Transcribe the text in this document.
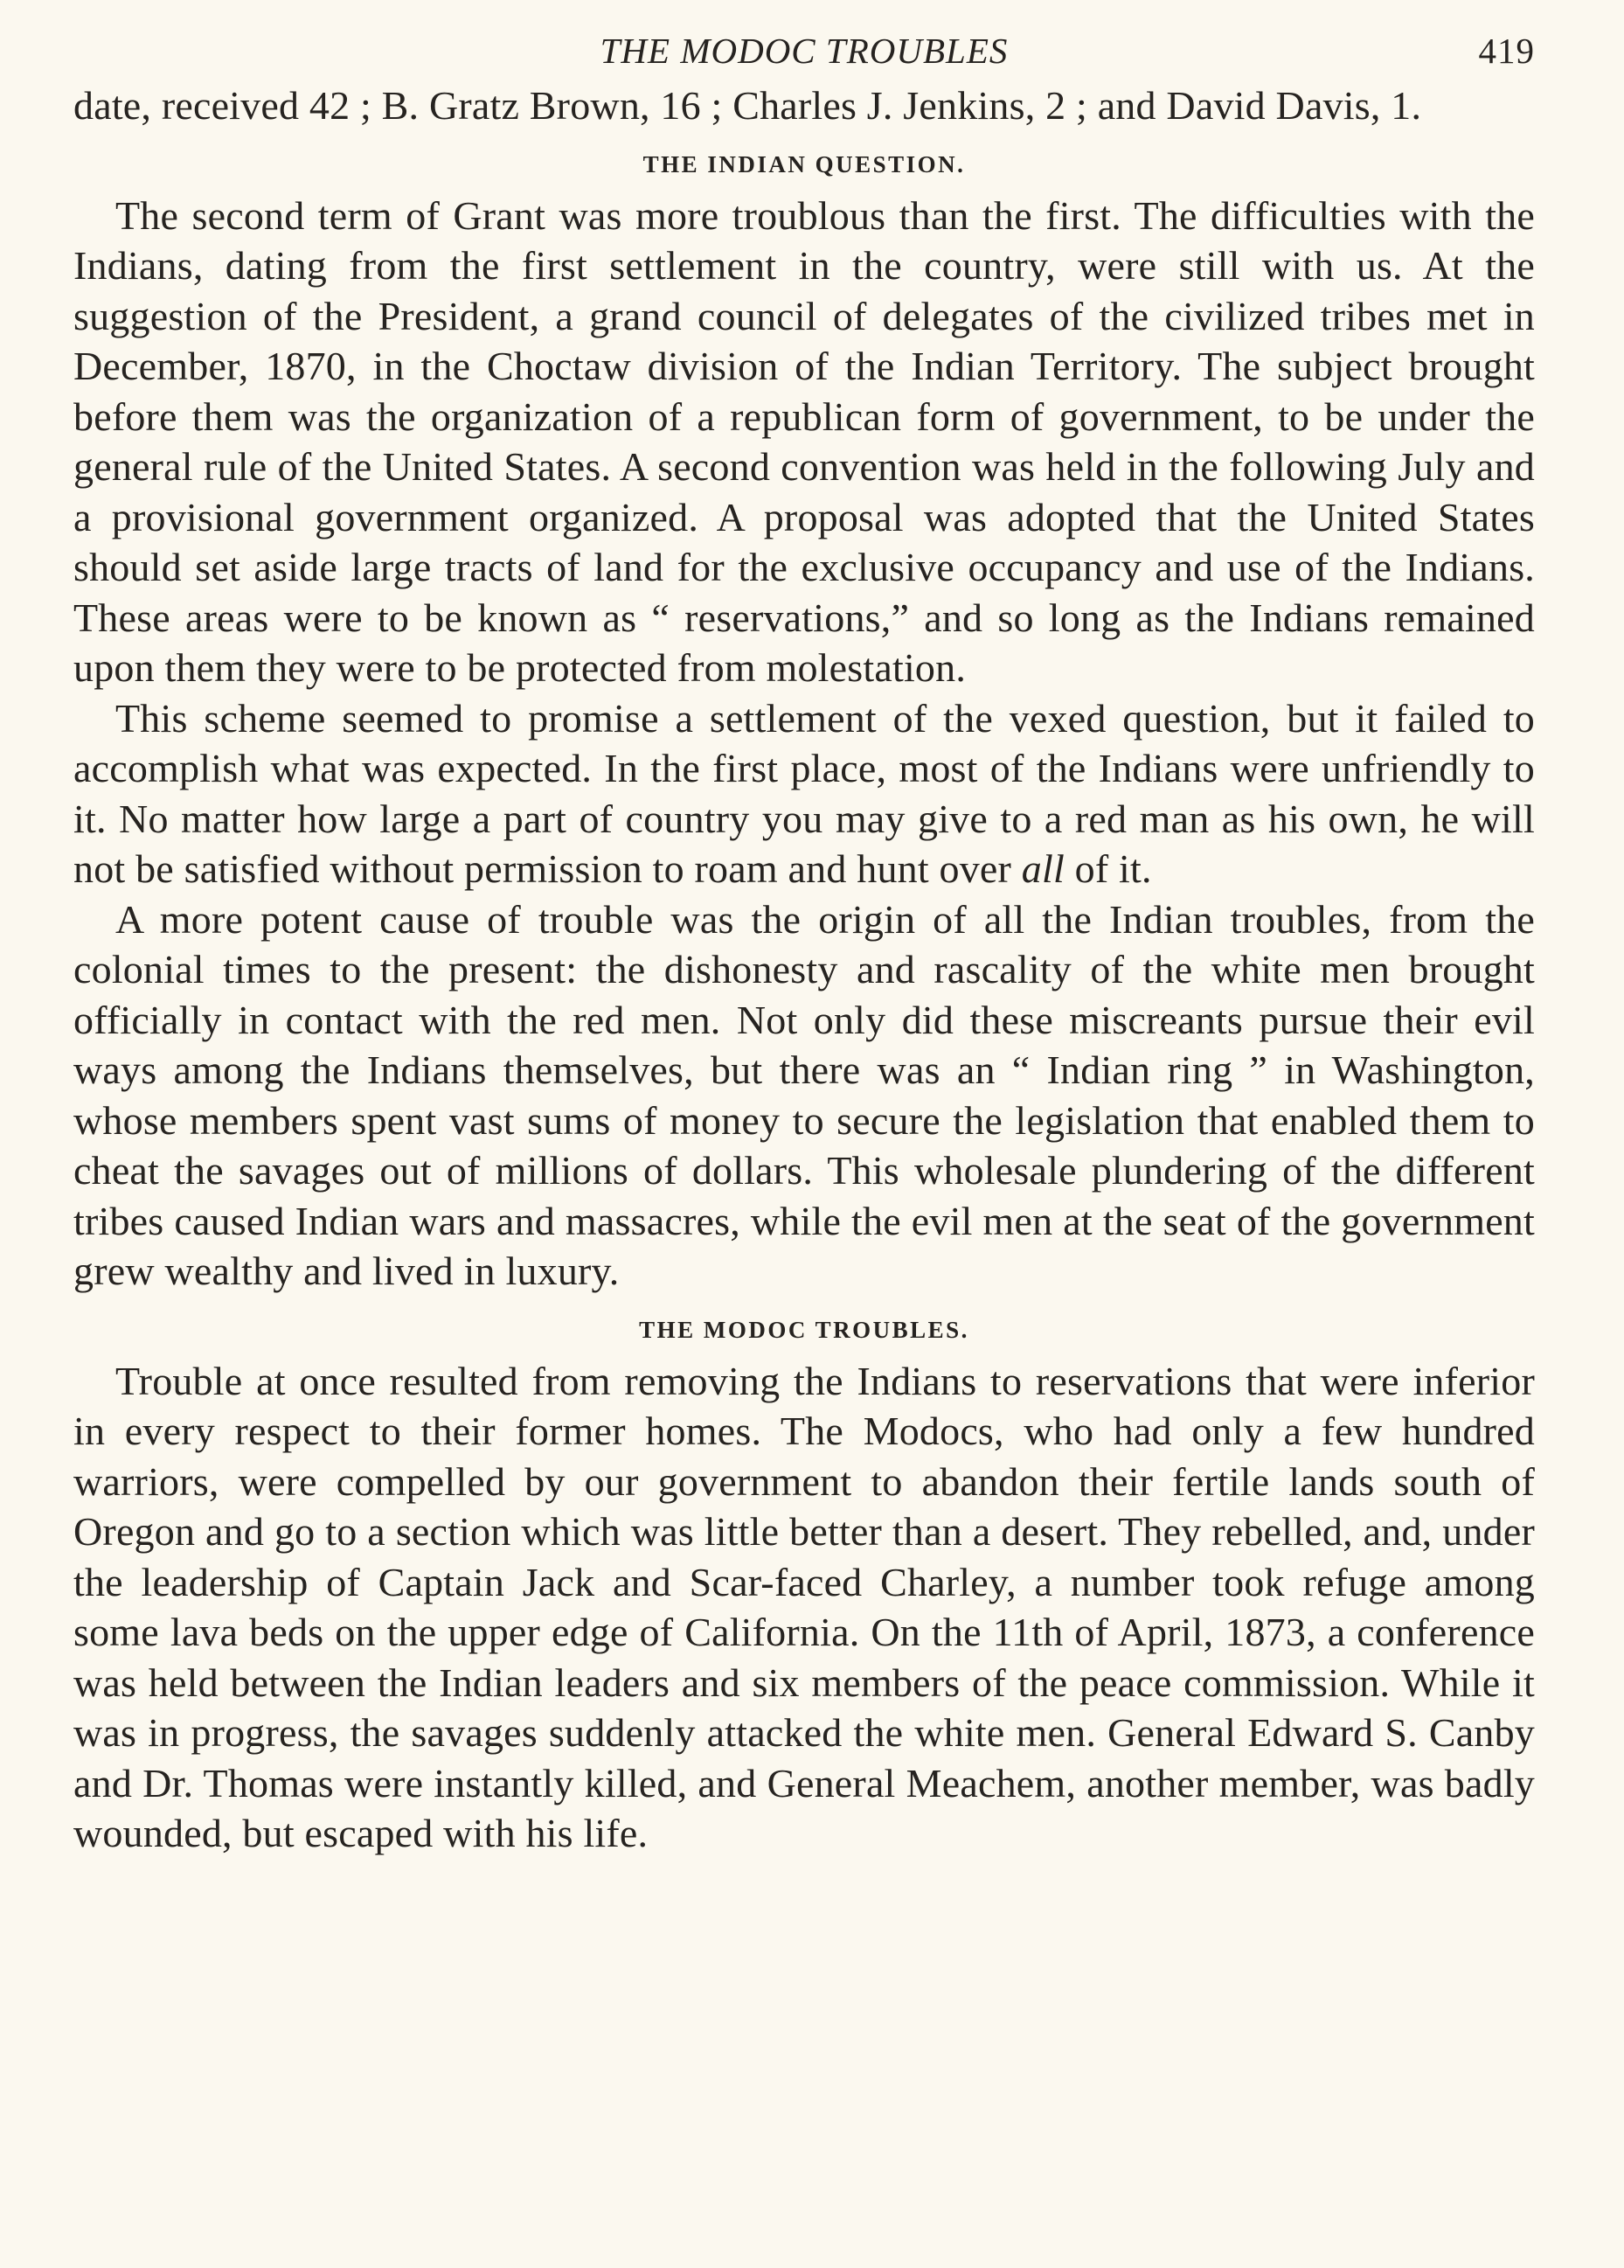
THE MODOC TROUBLES	419

date, received 42 ; B. Gratz Brown, 16 ; Charles J. Jenkins, 2 ; and David Davis, 1.

THE INDIAN QUESTION.

The second term of Grant was more troublous than the first. The difficulties with the Indians, dating from the first settlement in the country, were still with us. At the suggestion of the President, a grand council of delegates of the civilized tribes met in December, 1870, in the Choctaw division of the Indian Territory. The subject brought before them was the organization of a republican form of government, to be under the general rule of the United States. A second convention was held in the following July and a provisional government organized. A proposal was adopted that the United States should set aside large tracts of land for the exclusive occupancy and use of the Indians. These areas were to be known as “ reservations,” and so long as the Indians remained upon them they were to be protected from molestation.

This scheme seemed to promise a settlement of the vexed question, but it failed to accomplish what was expected. In the first place, most of the Indians were unfriendly to it. No matter how large a part of country you may give to a red man as his own, he will not be satisfied without permission to roam and hunt over all of it.

A more potent cause of trouble was the origin of all the Indian troubles, from the colonial times to the present: the dishonesty and rascality of the white men brought officially in contact with the red men. Not only did these miscreants pursue their evil ways among the Indians themselves, but there was an “ Indian ring ” in Washington, whose members spent vast sums of money to secure the legislation that enabled them to cheat the savages out of millions of dollars. This wholesale plundering of the different tribes caused Indian wars and massacres, while the evil men at the seat of the government grew wealthy and lived in luxury.

THE MODOC TROUBLES.

Trouble at once resulted from removing the Indians to reservations that were inferior in every respect to their former homes. The Modocs, who had only a few hundred warriors, were compelled by our government to abandon their fertile lands south of Oregon and go to a section which was little better than a desert. They rebelled, and, under the leadership of Captain Jack and Scar-faced Charley, a number took refuge among some lava beds on the upper edge of California. On the 11th of April, 1873, a conference was held between the Indian leaders and six members of the peace commission. While it was in progress, the savages suddenly attacked the white men. General Edward S. Canby and Dr. Thomas were instantly killed, and General Meachem, another member, was badly wounded, but escaped with his life.
